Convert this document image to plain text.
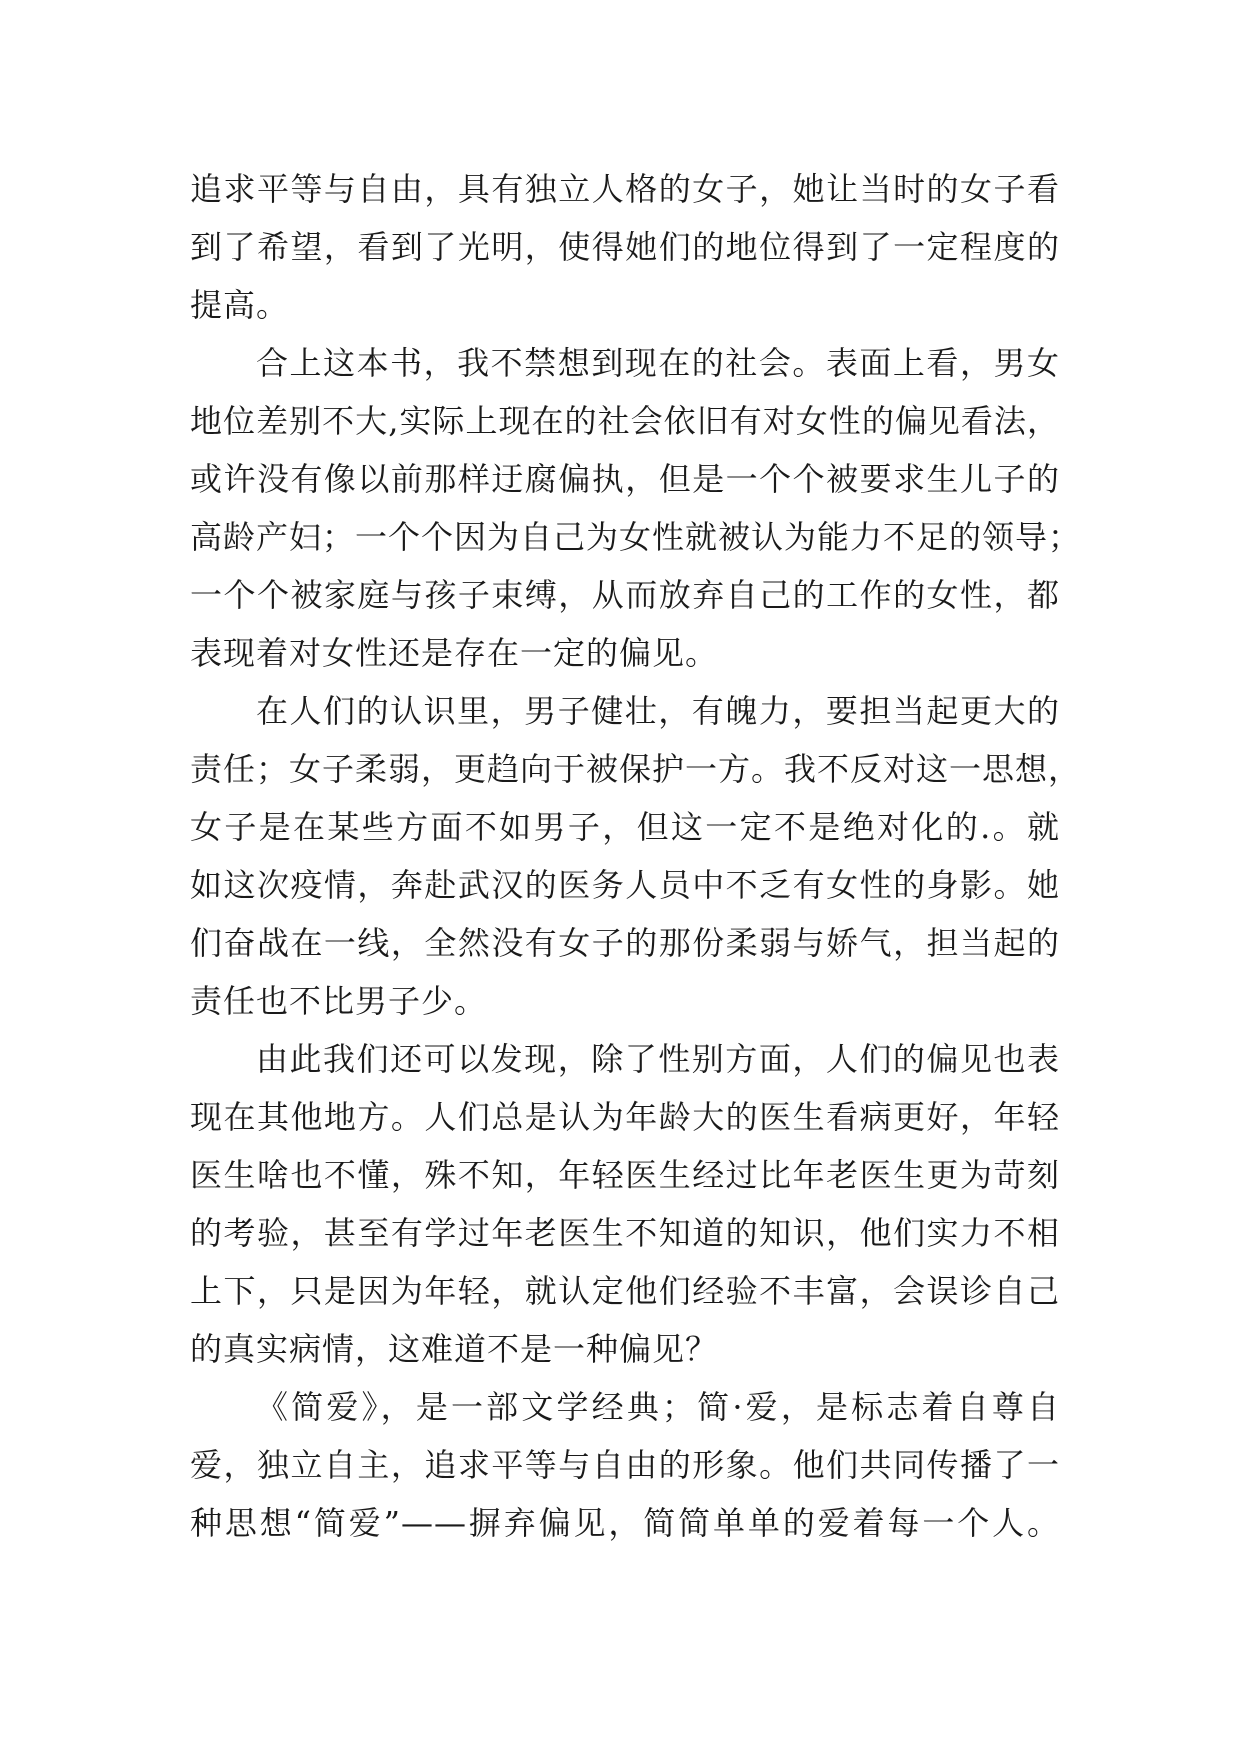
追求平等与自由，具有独立人格的女子，她让当时的女子看
到了希望，看到了光明，使得她们的地位得到了一定程度的
提高。
合上这本书，我不禁想到现在的社会。表面上看，男女
地位差别不大,实际上现在的社会依旧有对女性的偏见看法，
或许没有像以前那样迂腐偏执，但是一个个被要求生儿子的
高龄产妇；一个个因为自己为女性就被认为能力不足的领导；
一个个被家庭与孩子束缚，从而放弃自己的工作的女性，都
表现着对女性还是存在一定的偏见。
在人们的认识里，男子健壮，有魄力，要担当起更大的
责任；女子柔弱，更趋向于被保护一方。我不反对这一思想，
女子是在某些方面不如男子，但这一定不是绝对化的.。就
如这次疫情，奔赴武汉的医务人员中不乏有女性的身影。她
们奋战在一线，全然没有女子的那份柔弱与娇气，担当起的
责任也不比男子少。
由此我们还可以发现，除了性别方面，人们的偏见也表
现在其他地方。人们总是认为年龄大的医生看病更好，年轻
医生啥也不懂，殊不知，年轻医生经过比年老医生更为苛刻
的考验，甚至有学过年老医生不知道的知识，他们实力不相
上下，只是因为年轻，就认定他们经验不丰富，会误诊自己
的真实病情，这难道不是一种偏见？
《简爱》，是一部文学经典；简·爱，是标志着自尊自
爱，独立自主，追求平等与自由的形象。他们共同传播了一
种思想“简爱”——摒弃偏见，简简单单的爱着每一个人。
